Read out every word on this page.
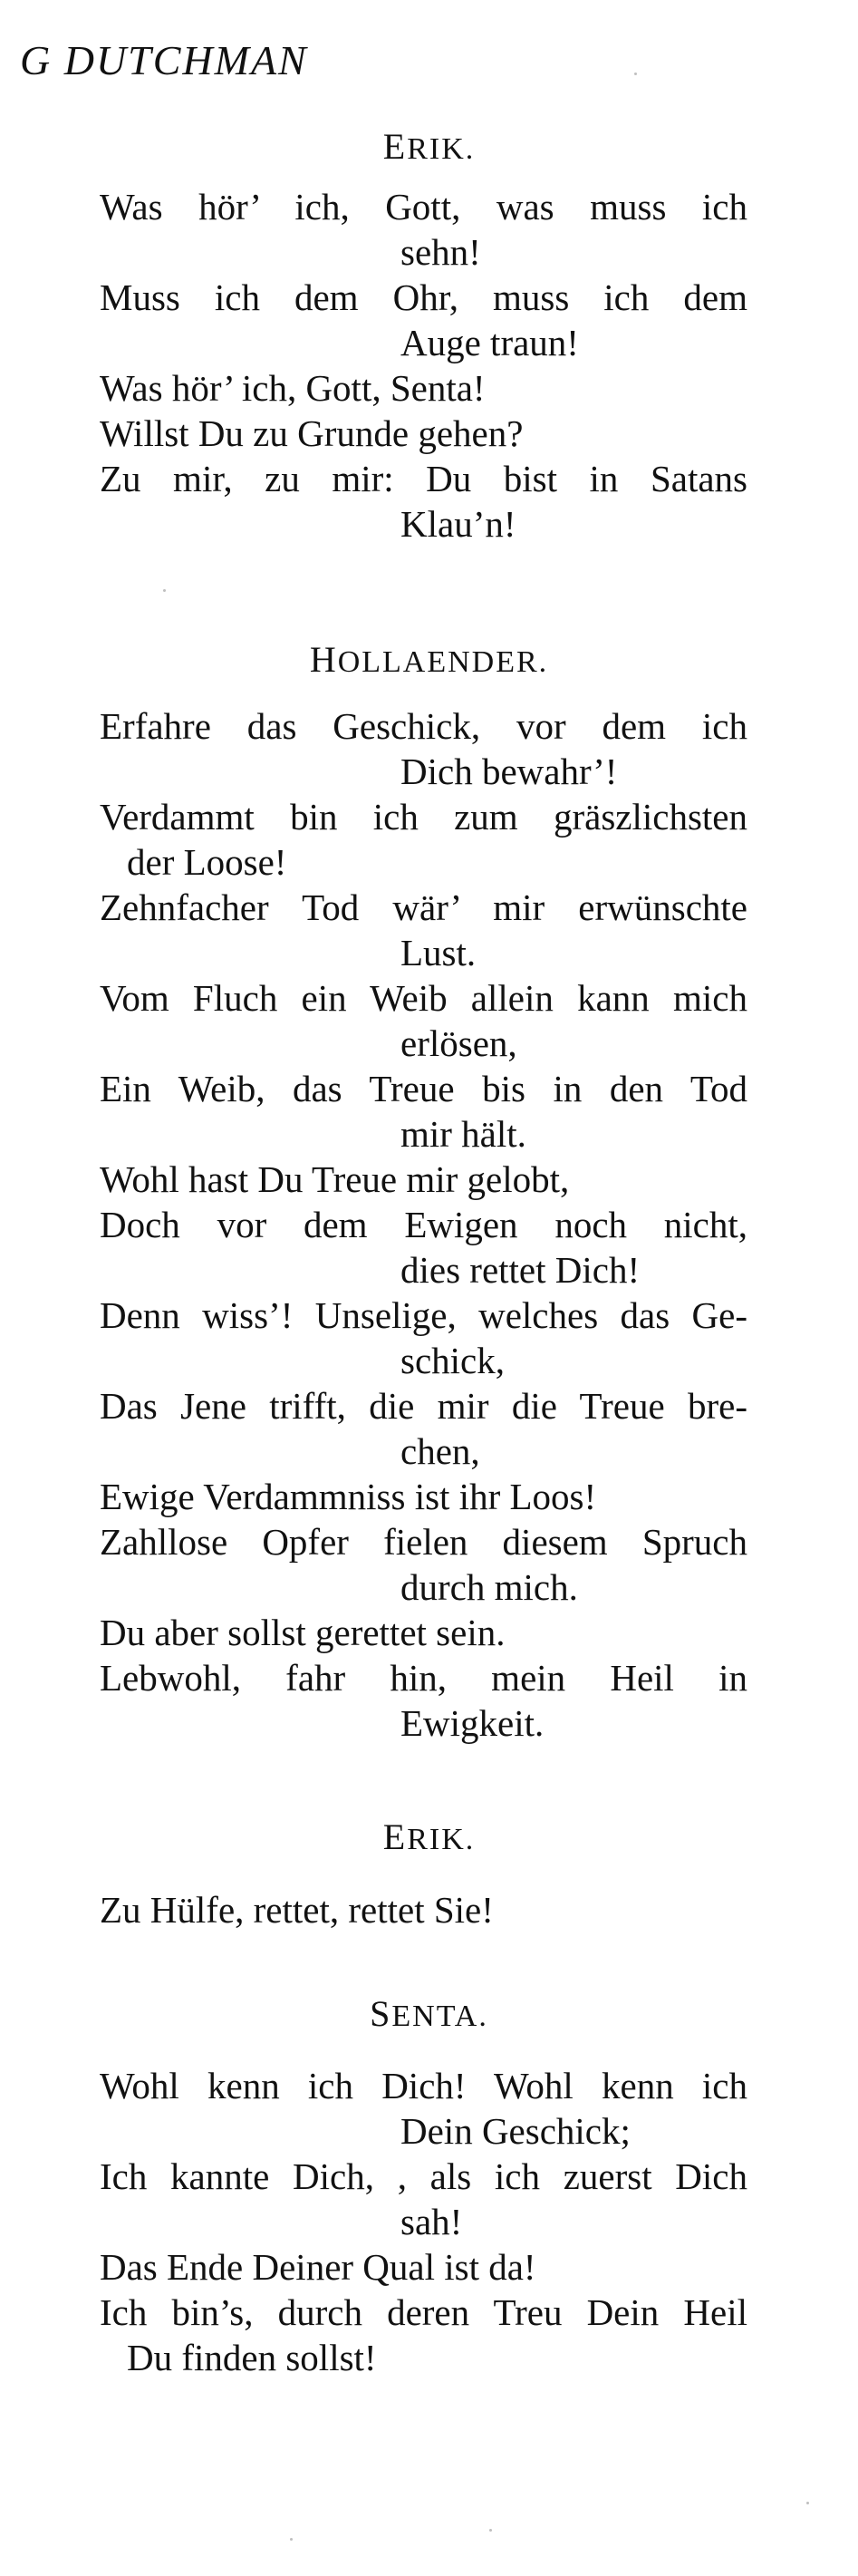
G DUTCHMAN
ERIK.
Was hör’ ich, Gott, was muss ich
sehn!
Muss ich dem Ohr, muss ich dem
Auge traun!
Was hör’ ich, Gott, Senta!
Willst Du zu Grunde gehen?
Zu mir, zu mir: Du bist in Satans
Klau’n!
HOLLAENDER.
Erfahre das Geschick, vor dem ich
Dich bewahr’!
Verdammt bin ich zum gräszlichsten
der Loose!
Zehnfacher Tod wär’ mir erwünschte
Lust.
Vom Fluch ein Weib allein kann mich
erlösen,
Ein Weib, das Treue bis in den Tod
mir hält.
Wohl hast Du Treue mir gelobt,
Doch vor dem Ewigen noch nicht,
dies rettet Dich!
Denn wiss’! Unselige, welches das Ge-
schick,
Das Jene trifft, die mir die Treue bre-
chen,
Ewige Verdammniss ist ihr Loos!
Zahllose Opfer fielen diesem Spruch
durch mich.
Du aber sollst gerettet sein.
Lebwohl, fahr hin, mein Heil in
Ewigkeit.
ERIK.
Zu Hülfe, rettet, rettet Sie!
SENTA.
Wohl kenn ich Dich! Wohl kenn ich
Dein Geschick;
Ich kannte Dich, , als ich zuerst Dich
sah!
Das Ende Deiner Qual ist da!
Ich bin’s, durch deren Treu Dein Heil
Du finden sollst!
